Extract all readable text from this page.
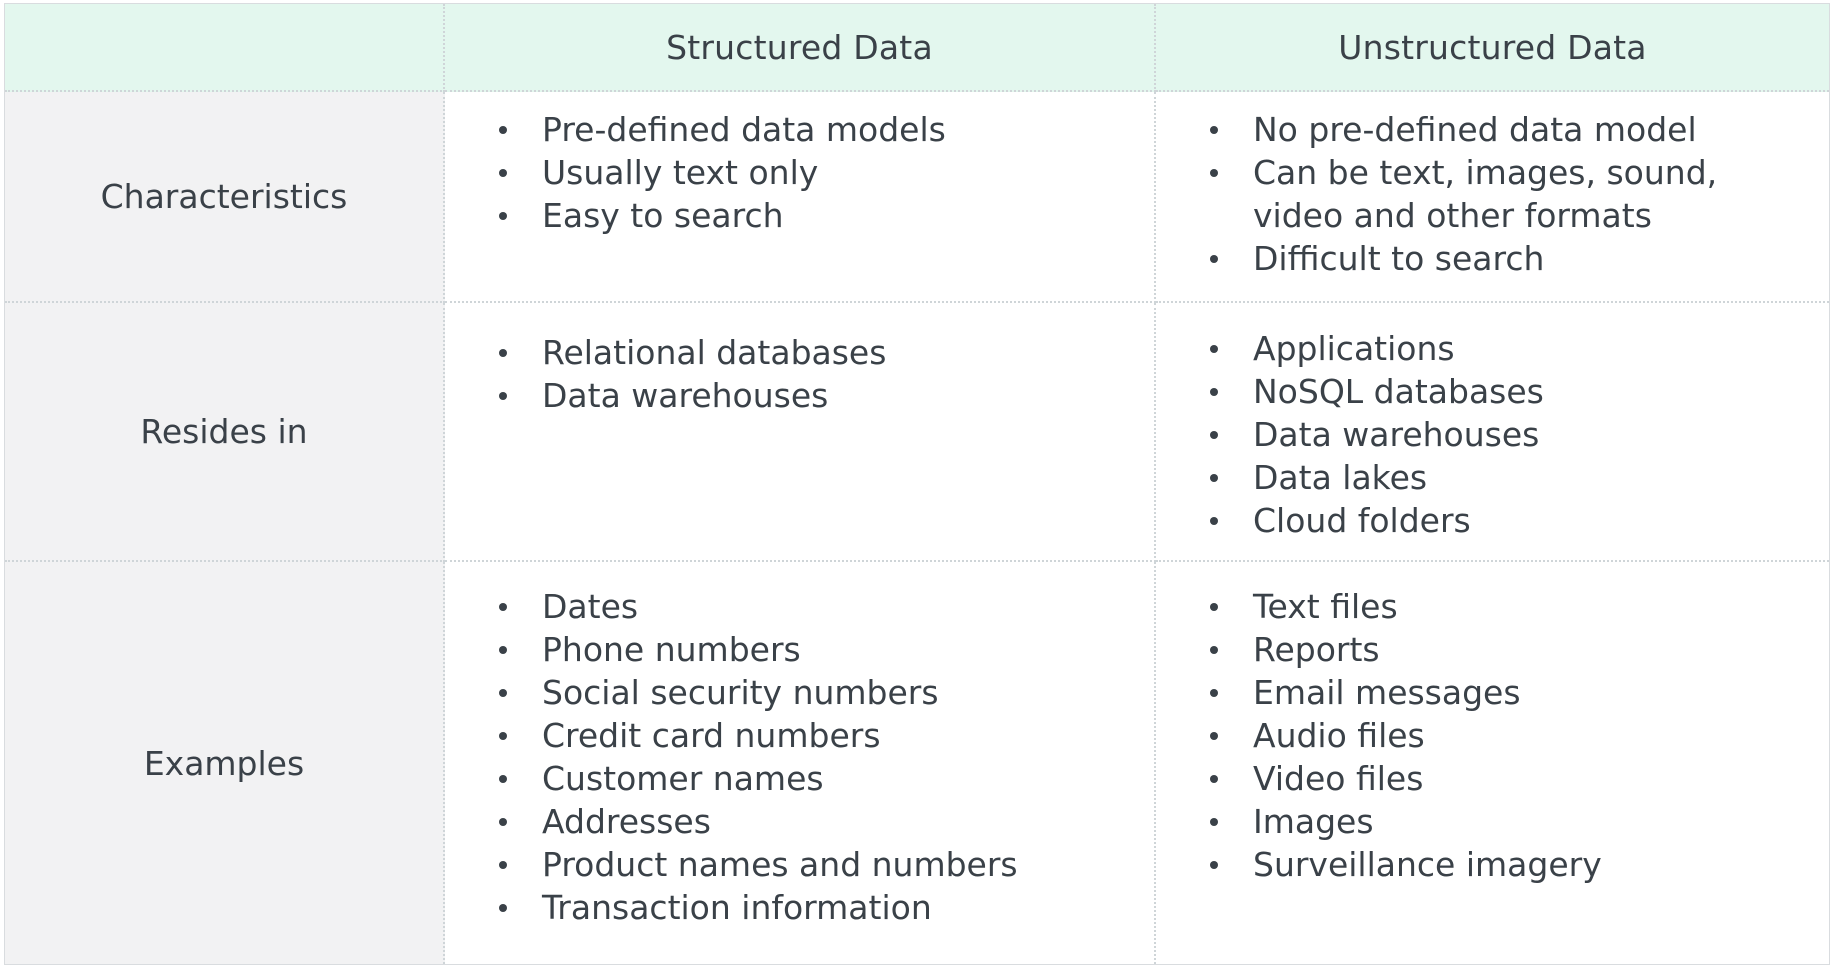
Structured Data	Unstructured Data
Characteristics
Pre-defined data models
Usually text only
Easy to search
No pre-defined data model
Can be text, images, sound, video and other formats
Difficult to search
Resides in
Relational databases
Data warehouses
Applications
NoSQL databases
Data warehouses
Data lakes
Cloud folders
Examples
Dates
Phone numbers
Social security numbers
Credit card numbers
Customer names
Addresses
Product names and numbers
Transaction information
Text files
Reports
Email messages
Audio files
Video files
Images
Surveillance imagery
